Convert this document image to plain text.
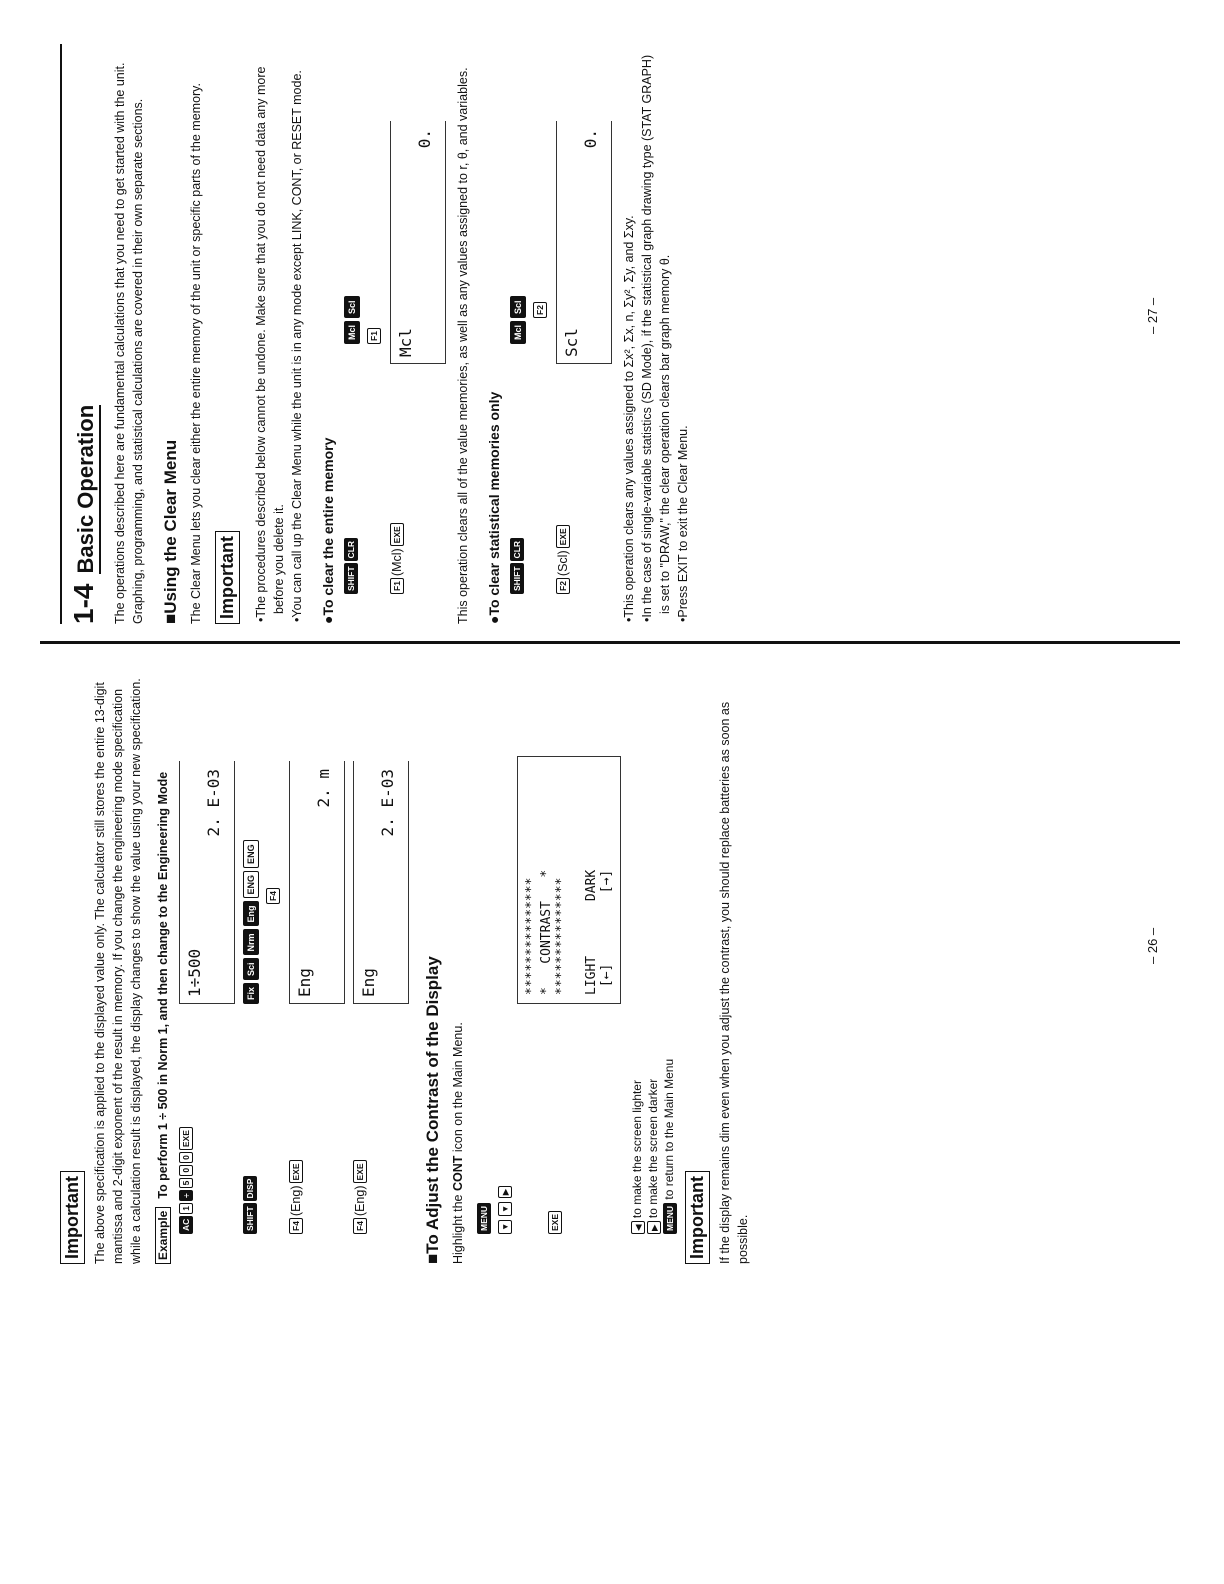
Important The above specification is applied to the displayed value only. The calculator still stores the entire 13-digit mantissa and 2-digit exponent of the result in memory. If you change the engineering mode specification while a calculation result is displayed, the display changes to show the value using your new specification. Example
To perform 1 ÷ 500 in Norm 1, and then change to the Engineering Mode
AC
1
÷
5
0
0
EXE
1÷500
2. E-03
SHIFT
DISP
Fix
Sci
Nrm
Eng
ENG
ENG
F4
F4
(Eng)
EXE
Eng
2. m
F4
(Eng)
EXE
Eng
2. E-03
■To Adjust the Contrast of the Display Highlight the CONT icon on the Main Menu.

MENU	▼ ▼ ▶
EXE
***************
*   CONTRAST   *
***************

LIGHT       DARK
[←]         [→]
◀ to make the screen lighter
▶ to make the screen darker
MENU to return to the Main Menu
Important If the display remains dim even when you adjust the contrast, you should replace batteries as soon as possible.

– 26 –
1-4
Basic Operation The operations described here are fundamental calculations that you need to get started with the unit. Graphing, programming, and statistical calculations are covered in their own separate sections. ■Using the Clear Menu The Clear Menu lets you clear either the entire memory of the unit or specific parts of the memory. Important
•The procedures described below cannot be undone. Make sure that you do not need data any more before you delete it.
•You can call up the Clear Menu while the unit is in any mode except LINK, CONT, or RESET mode.
●To clear the entire memory SHIFT
CLR
Mcl
Scl
F1
F1
(Mcl)
EXE
Mcl
0. This operation clears all of the value memories, as well as any values assigned to r, θ, and variables. ●To clear statistical memories only SHIFT
CLR
Mcl
Scl	F2
F2
(Scl)
EXE
Scl
0.
•This operation clears any values assigned to Σx², Σx, n, Σy², Σy, and Σxy.
•In the case of single-variable statistics (SD Mode), if the statistical graph drawing type (STAT GRAPH) is set to "DRAW," the clear operation clears bar graph memory θ.
•Press EXIT to exit the Clear Menu.
– 27 –
